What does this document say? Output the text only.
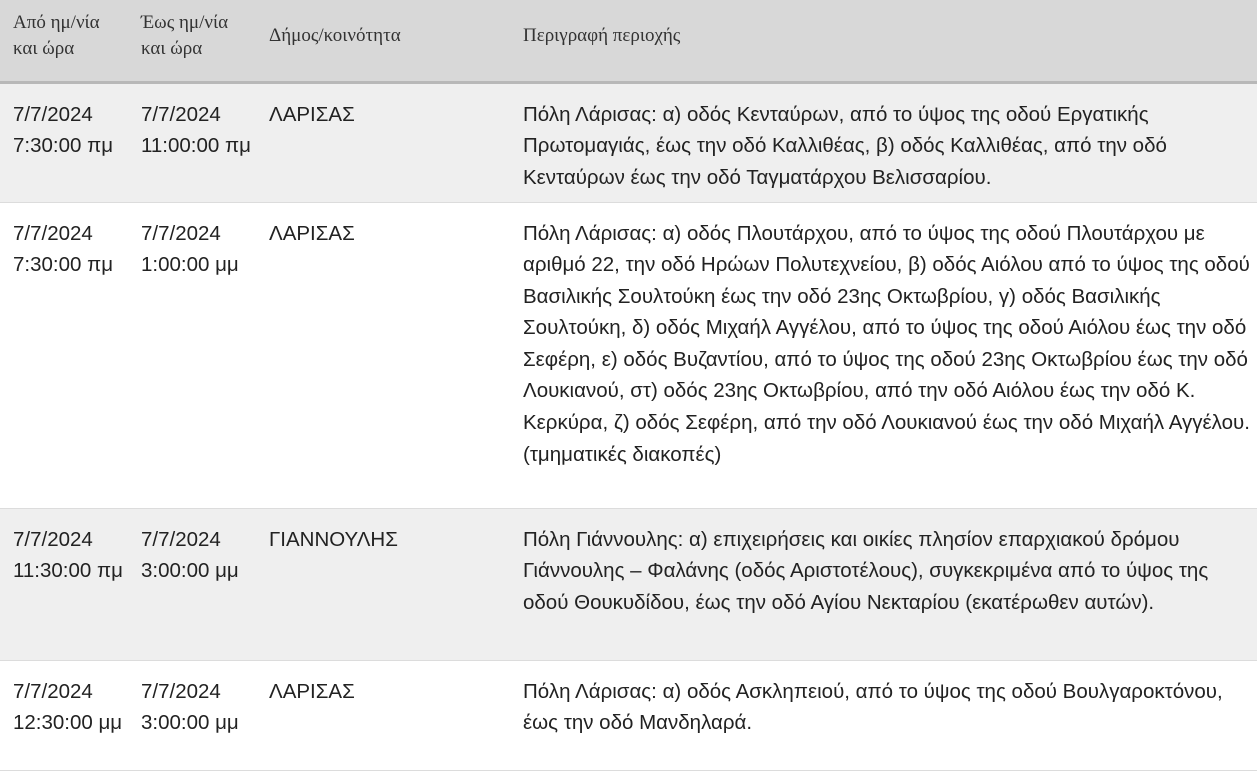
Από ημ/νία και ώρα	Έως ημ/νία και ώρα	Δήμος/κοινότητα	Περιγραφή περιοχής
7/7/2024 7:30:00 πμ	7/7/2024 11:00:00 πμ	ΛΑΡΙΣΑΣ	Πόλη Λάρισας: α) οδός Κενταύρων, από το ύψος της οδού Εργατικής Πρωτομαγιάς, έως την οδό Καλλιθέας, β) οδός Καλλιθέας, από την οδό Κενταύρων έως την οδό Ταγματάρχου Βελισσαρίου.
7/7/2024 7:30:00 πμ	7/7/2024 1:00:00 μμ	ΛΑΡΙΣΑΣ	Πόλη Λάρισας: α) οδός Πλουτάρχου, από το ύψος της οδού Πλουτάρχου με αριθμό 22, την οδό Ηρώων Πολυτεχνείου, β) οδός Αιόλου από το ύψος της οδού Βασιλικής Σουλτούκη έως την οδό 23ης Οκτωβρίου, γ) οδός Βασιλικής Σουλτούκη, δ) οδός Μιχαήλ Αγγέλου, από το ύψος της οδού Αιόλου έως την οδό Σεφέρη, ε) οδός Βυζαντίου, από το ύψος της οδού 23ης Οκτωβρίου έως την οδό Λουκιανού, στ) οδός 23ης Οκτωβρίου, από την οδό Αιόλου έως την οδό Κ. Κερκύρα, ζ) οδός Σεφέρη, από την οδό Λουκιανού έως την οδό Μιχαήλ Αγγέλου. (τμηματικές διακοπές)
7/7/2024 11:30:00 πμ	7/7/2024 3:00:00 μμ	ΓΙΑΝΝΟΥΛΗΣ	Πόλη Γιάννουλης: α) επιχειρήσεις και οικίες πλησίον επαρχιακού δρόμου Γιάννουλης – Φαλάνης (οδός Αριστοτέλους), συγκεκριμένα από το ύψος της οδού Θουκυδίδου, έως την οδό Αγίου Νεκταρίου (εκατέρωθεν αυτών).
7/7/2024 12:30:00 μμ	7/7/2024 3:00:00 μμ	ΛΑΡΙΣΑΣ	Πόλη Λάρισας: α) οδός Ασκληπειού, από το ύψος της οδού Βουλγαροκτόνου, έως την οδό Μανδηλαρά.
